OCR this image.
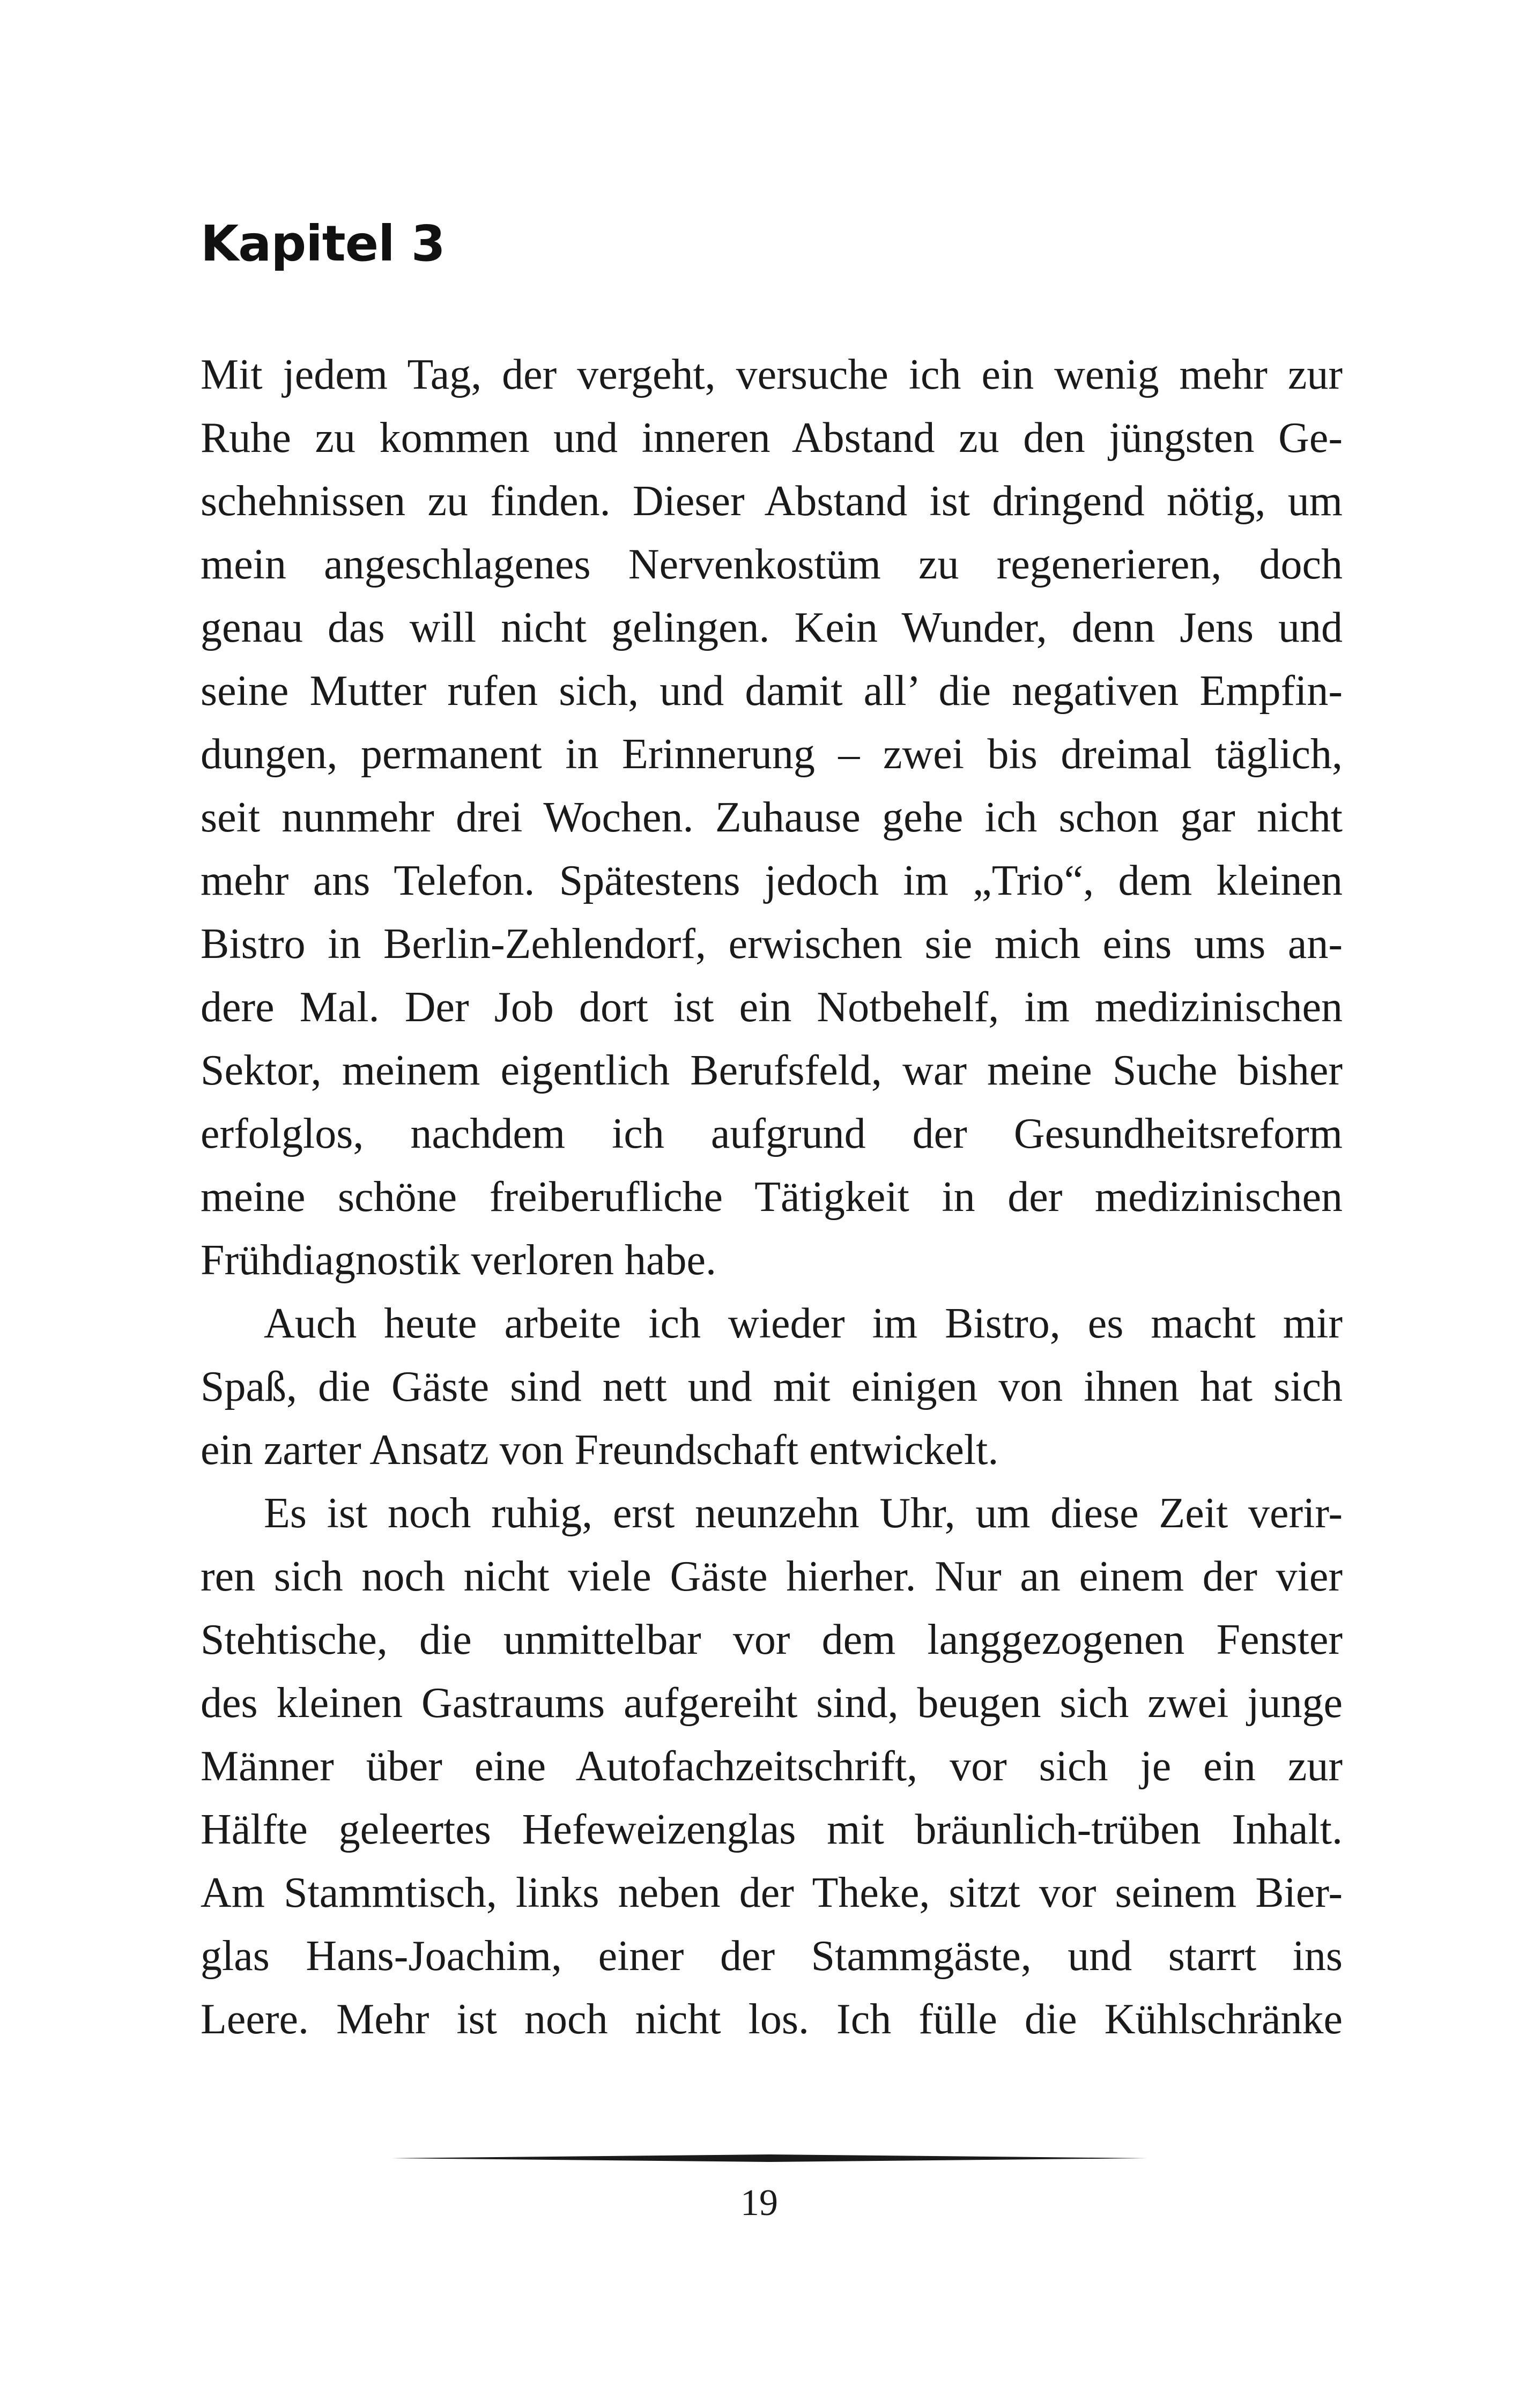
Kapitel 3
Mit jedem Tag, der vergeht, versuche ich ein wenig mehr zur
Ruhe zu kommen und inneren Abstand zu den jüngsten Ge-
schehnissen zu finden. Dieser Abstand ist dringend nötig, um
mein angeschlagenes Nervenkostüm zu regenerieren, doch
genau das will nicht gelingen. Kein Wunder, denn Jens und
seine Mutter rufen sich, und damit all’ die negativen Empfin-
dungen, permanent in Erinnerung – zwei bis dreimal täglich,
seit nunmehr drei Wochen. Zuhause gehe ich schon gar nicht
mehr ans Telefon. Spätestens jedoch im „Trio“, dem kleinen
Bistro in Berlin-Zehlendorf, erwischen sie mich eins ums an-
dere Mal. Der Job dort ist ein Notbehelf, im medizinischen
Sektor, meinem eigentlich Berufsfeld, war meine Suche bisher
erfolglos, nachdem ich aufgrund der Gesundheitsreform
meine schöne freiberufliche Tätigkeit in der medizinischen
Frühdiagnostik verloren habe.
Auch heute arbeite ich wieder im Bistro, es macht mir
Spaß, die Gäste sind nett und mit einigen von ihnen hat sich
ein zarter Ansatz von Freundschaft entwickelt.
Es ist noch ruhig, erst neunzehn Uhr, um diese Zeit verir-
ren sich noch nicht viele Gäste hierher. Nur an einem der vier
Stehtische, die unmittelbar vor dem langgezogenen Fenster
des kleinen Gastraums aufgereiht sind, beugen sich zwei junge
Männer über eine Autofachzeitschrift, vor sich je ein zur
Hälfte geleertes Hefeweizenglas mit bräunlich-trüben Inhalt.
Am Stammtisch, links neben der Theke, sitzt vor seinem Bier-
glas Hans-Joachim, einer der Stammgäste, und starrt ins
Leere. Mehr ist noch nicht los. Ich fülle die Kühlschränke
19
